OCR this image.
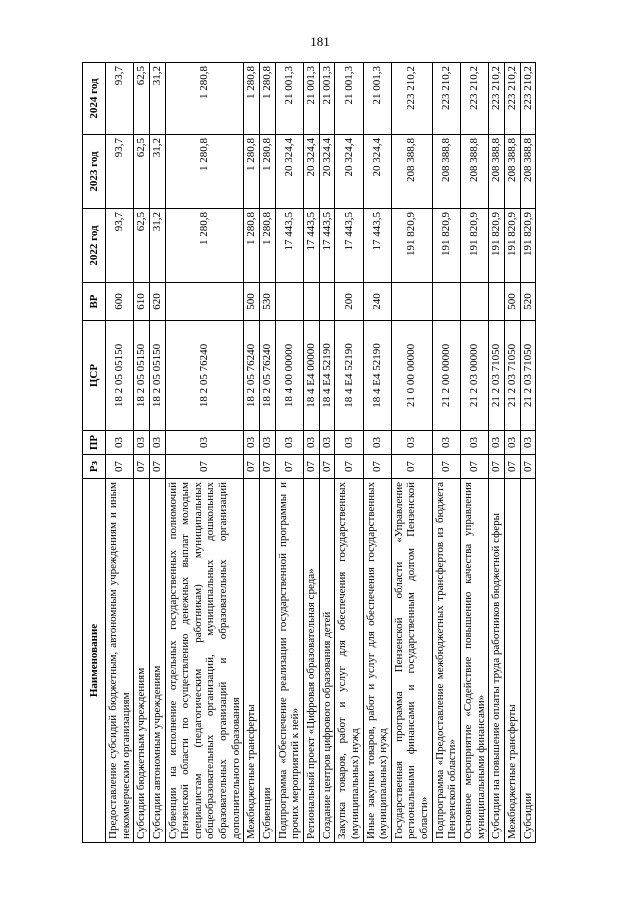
181
Наименование	Рз	ПР	ЦСР	ВР	2022 год	2023 год	2024 год
Предоставление субсидий бюджетным, автономным учреждениям и иным некоммерческим организациям	07	03	18 2 05 05150	600	93,7	93,7	93,7
Субсидии бюджетным учреждениям	07	03	18 2 05 05150	610	62,5	62,5	62,5
Субсидии автономным учреждениям	07	03	18 2 05 05150	620	31,2	31,2	31,2
Субвенции на исполнение отдельных государственных полномочий Пензенской области по осуществлению денежных выплат молодым специалистам (педагогическим работникам) муниципальных общеобразовательных организаций, муниципальных дошкольных образовательных организаций и образовательных организаций дополнительного образования	07	03	18 2 05 76240		1 280,8	1 280,8	1 280,8
Межбюджетные трансферты	07	03	18 2 05 76240	500	1 280,8	1 280,8	1 280,8
Субвенции	07	03	18 2 05 76240	530	1 280,8	1 280,8	1 280,8
Подпрограмма «Обеспечение реализации государственной программы и прочих мероприятий к ней»	07	03	18 4 00 00000		17 443,5	20 324,4	21 001,3
Региональный проект «Цифровая образовательная среда»	07	03	18 4 E4 00000		17 443,5	20 324,4	21 001,3
Создание центров цифрового образования детей	07	03	18 4 E4 52190		17 443,5	20 324,4	21 001,3
Закупка товаров, работ и услуг для обеспечения государственных (муниципальных) нужд	07	03	18 4 E4 52190	200	17 443,5	20 324,4	21 001,3
Иные закупки товаров, работ и услуг для обеспечения государственных (муниципальных) нужд	07	03	18 4 E4 52190	240	17 443,5	20 324,4	21 001,3
Государственная программа Пензенской области «Управление региональными финансами и государственным долгом Пензенской области»	07	03	21 0 00 00000		191 820,9	208 388,8	223 210,2
Подпрограмма «Предоставление межбюджетных трансфертов из бюджета Пензенской области»	07	03	21 2 00 00000		191 820,9	208 388,8	223 210,2
Основное мероприятие «Содействие повышению качества управления муниципальными финансами»	07	03	21 2 03 00000		191 820,9	208 388,8	223 210,2
Субсидии на повышение оплаты труда работников бюджетной сферы	07	03	21 2 03 71050		191 820,9	208 388,8	223 210,2
Межбюджетные трансферты	07	03	21 2 03 71050	500	191 820,9	208 388,8	223 210,2
Субсидии	07	03	21 2 03 71050	520	191 820,9	208 388,8	223 210,2
